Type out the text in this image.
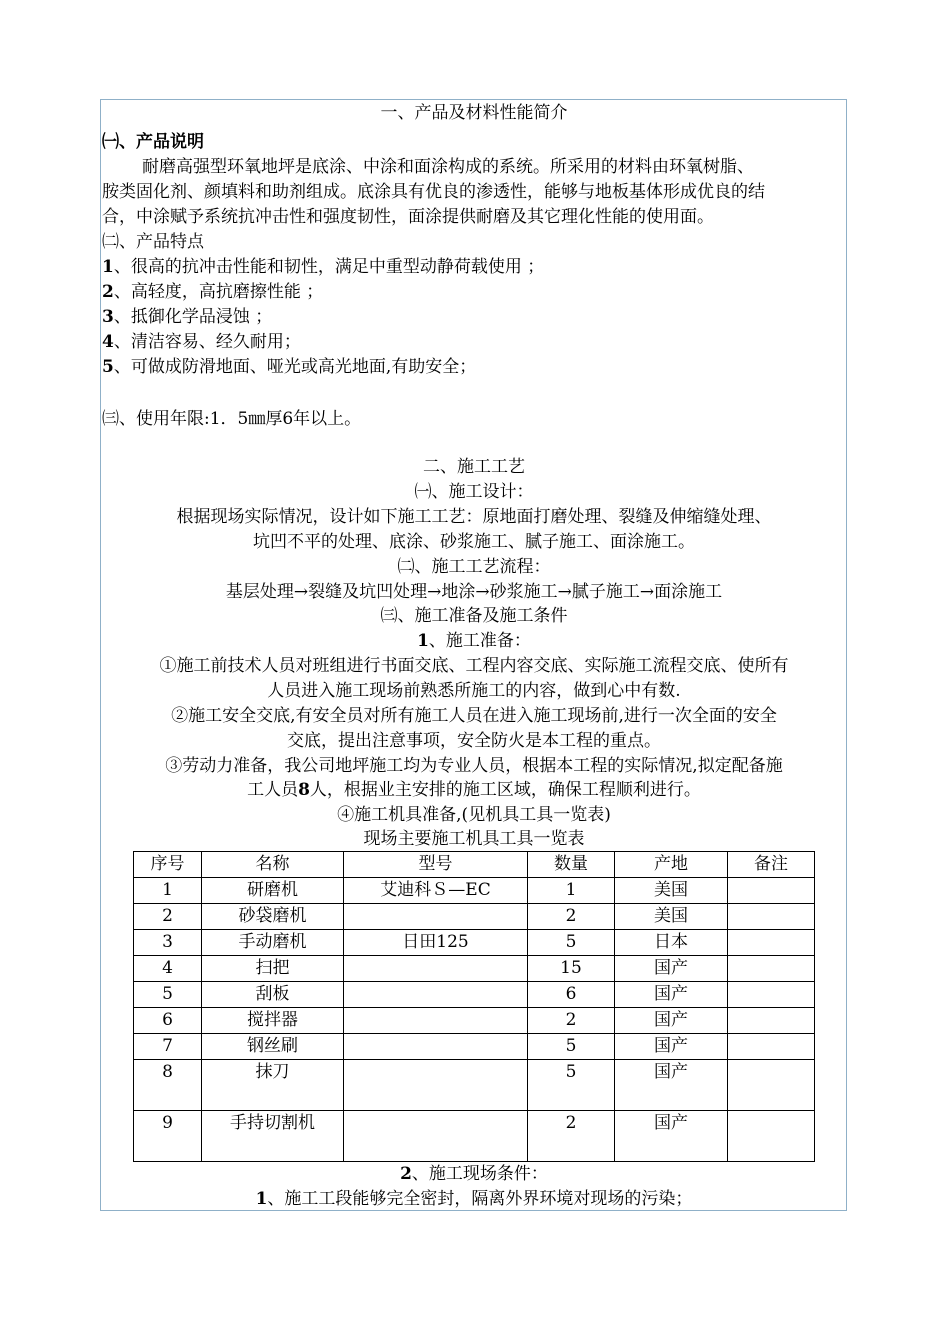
一、产品及材料性能简介
㈠、产品说明
耐磨高强型环氧地坪是底涂、中涂和面涂构成的系统。所采用的材料由环氧树脂、
胺类固化剂、颜填料和助剂组成。底涂具有优良的渗透性，能够与地板基体形成优良的结
合，中涂赋予系统抗冲击性和强度韧性，面涂提供耐磨及其它理化性能的使用面。
㈡、产品特点
1、很高的抗冲击性能和韧性，满足中重型动静荷载使用 ；
2、高轻度，高抗磨擦性能 ；
3、抵御化学品浸蚀 ；
4、清洁容易、经久耐用；
5、可做成防滑地面、哑光或高光地面,有助安全；
㈢、使用年限:1．5㎜厚6年以上。
二、施工工艺
㈠、施工设计：
根据现场实际情况，设计如下施工工艺：原地面打磨处理、裂缝及伸缩缝处理、
坑凹不平的处理、底涂、砂浆施工、腻子施工、面涂施工。
㈡、施工工艺流程：
基层处理→裂缝及坑凹处理→地涂→砂浆施工→腻子施工→面涂施工
㈢、施工准备及施工条件
1、施工准备：
①施工前技术人员对班组进行书面交底、工程内容交底、实际施工流程交底、使所有
人员进入施工现场前熟悉所施工的内容，做到心中有数.
②施工安全交底,有安全员对所有施工人员在进入施工现场前,进行一次全面的安全
交底，提出注意事项，安全防火是本工程的重点。
③劳动力准备，我公司地坪施工均为专业人员，根据本工程的实际情况,拟定配备施
工人员8人，根据业主安排的施工区域，确保工程顺利进行。
④施工机具准备,(见机具工具一览表)
现场主要施工机具工具一览表
序号	名称	型号	数量	产地	备注
1	研磨机	艾迪科Ｓ—EC	1	美国	
2	砂袋磨机		2	美国	
3	手动磨机	日田125	5	日本	
4	扫把		15	国产	
5	刮板		6	国产	
6	搅拌器		2	国产	
7	钢丝刷		5	国产	
8	抹刀		5	国产	
9	手持切割机		2	国产	
2、施工现场条件：
1、施工工段能够完全密封，隔离外界环境对现场的污染；
